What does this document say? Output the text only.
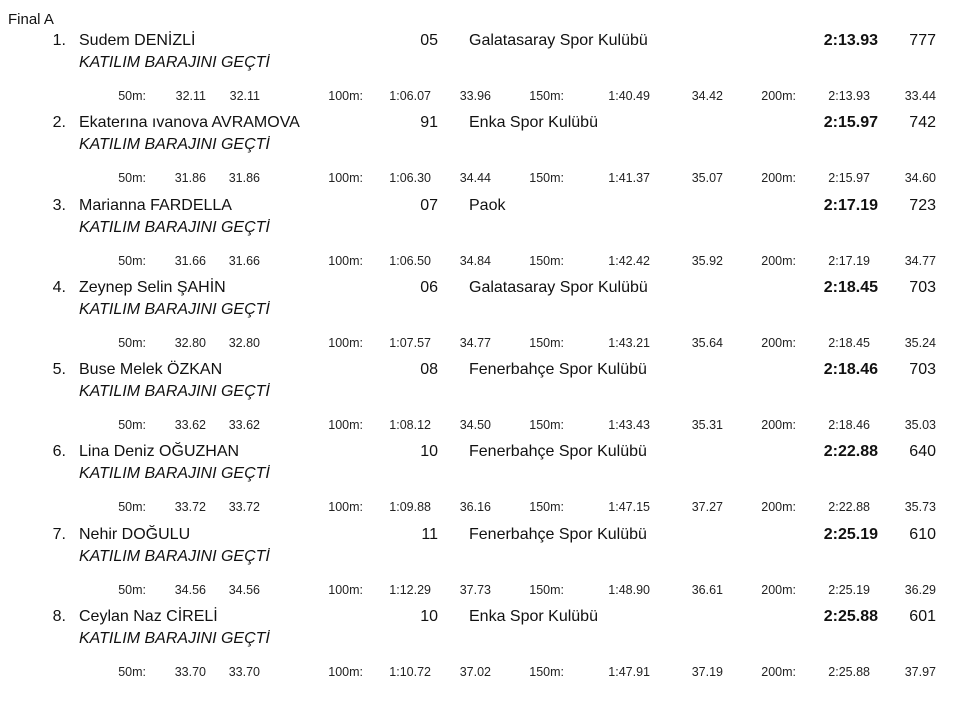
Final A
1. Sudem DENİZLİ	05 Galatasaray Spor Kulübü	2:13.93 777
KATILIM BARAJINI GEÇTİ
50m: 32.11 32.11	100m: 1:06.07 33.96	150m:	1:40.49	34.42	200m:	2:13.93	33.44
2. Ekaterına ıvanova AVRAMOVA	91 Enka Spor Kulübü	2:15.97 742
KATILIM BARAJINI GEÇTİ
50m: 31.86 31.86	100m: 1:06.30 34.44	150m:	1:41.37	35.07	200m:	2:15.97	34.60
3. Marianna FARDELLA	07 Paok	2:17.19 723
KATILIM BARAJINI GEÇTİ
50m: 31.66 31.66	100m: 1:06.50 34.84	150m:	1:42.42	35.92	200m:	2:17.19	34.77
4. Zeynep Selin ŞAHİN	06 Galatasaray Spor Kulübü	2:18.45 703
KATILIM BARAJINI GEÇTİ
50m: 32.80 32.80	100m: 1:07.57 34.77	150m:	1:43.21	35.64	200m:	2:18.45	35.24
5. Buse Melek ÖZKAN	08 Fenerbahçe Spor Kulübü	2:18.46 703
KATILIM BARAJINI GEÇTİ
50m: 33.62 33.62	100m: 1:08.12 34.50	150m:	1:43.43	35.31	200m:	2:18.46	35.03
6. Lina Deniz OĞUZHAN	10 Fenerbahçe Spor Kulübü	2:22.88 640
KATILIM BARAJINI GEÇTİ
50m: 33.72 33.72	100m: 1:09.88 36.16	150m:	1:47.15	37.27	200m:	2:22.88	35.73
7. Nehir DOĞULU	11 Fenerbahçe Spor Kulübü	2:25.19 610
KATILIM BARAJINI GEÇTİ
50m: 34.56 34.56	100m: 1:12.29 37.73	150m:	1:48.90	36.61	200m:	2:25.19	36.29
8. Ceylan Naz CİRELİ	10 Enka Spor Kulübü	2:25.88 601
KATILIM BARAJINI GEÇTİ
50m: 33.70 33.70	100m: 1:10.72 37.02	150m:	1:47.91	37.19	200m:	2:25.88	37.97
